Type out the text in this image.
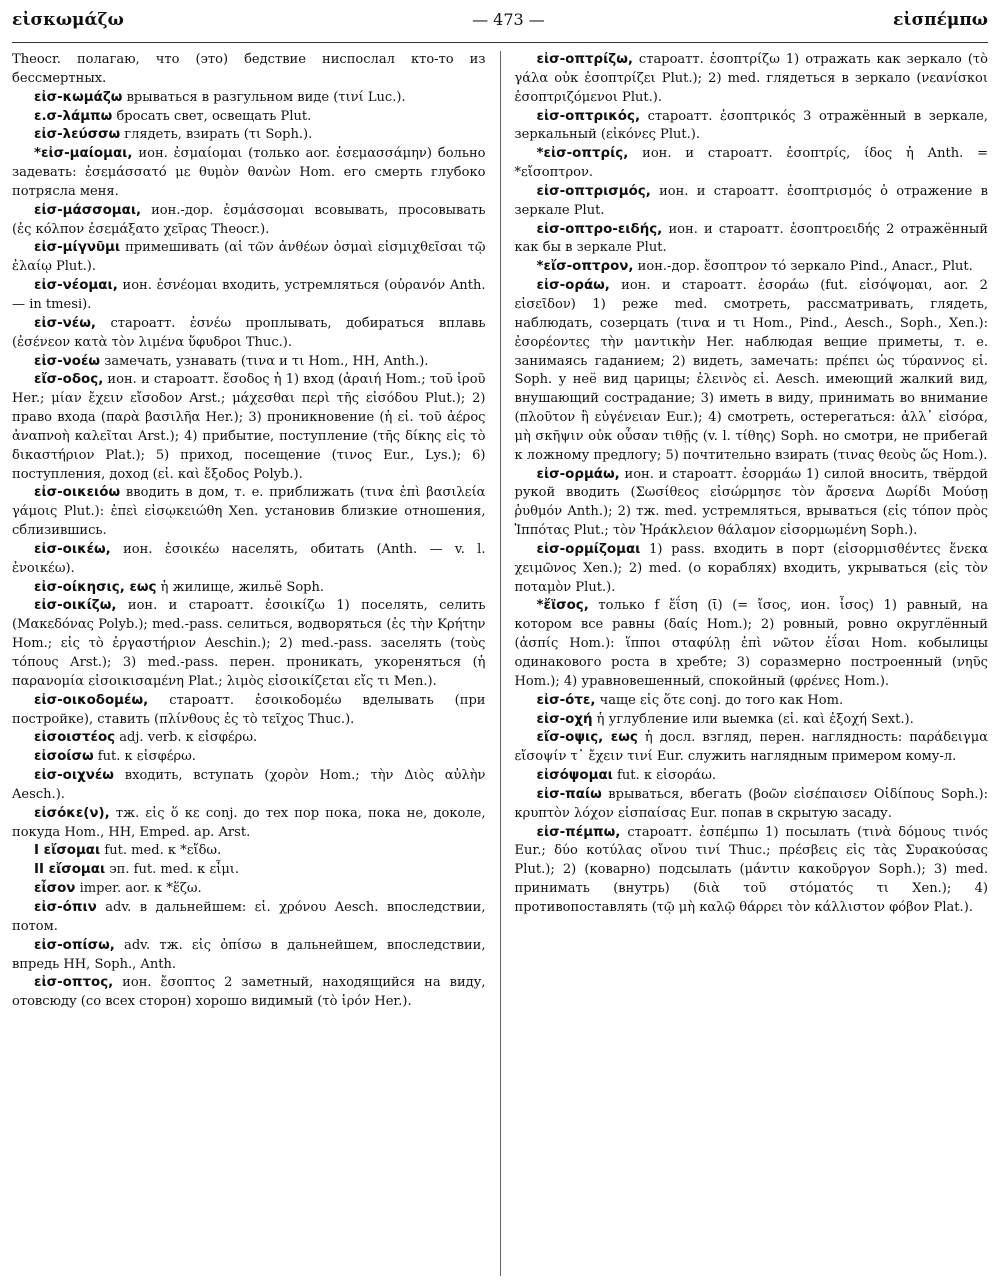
εἰσκωμάζω	— 473 —	εἰσπέμπω

Theocr. полагаю, что (это) бедствие ниспослал кто-то из бессмертных.

εἰσ-κωμάζω врываться в разгульном виде (τινί Luc.).

ε.σ-λάμπω бросать свет, освещать Plut.

εἰσ-λεύσσω глядеть, взирать (τι Soph.).

*εἰσ-μαίομαι, ион. ἐσμαίομαι (только aor. ἐσεμασσάμην) больно задевать: ἐσεμάσσατό με θυμὸν θανὼν Hom. его смерть глубоко потрясла меня.

εἰσ-μάσσομαι, ион.-дор. ἐσμάσσομαι всовывать, просовывать (ἐς κόλπον ἐσεμάξατο χεῖρας Theocr.).

εἰσ-μίγνῡμι примешивать (αἱ τῶν ἀνθέων ὀσμαὶ εἰσμιχθεῖσαι τῷ ἐλαίῳ Plut.).

εἰσ-νέομαι, ион. ἐσνέομαι входить, устремляться (οὐρανόν Anth. — in tmesi).

εἰσ-νέω, староатт. ἐσνέω проплывать, добираться вплавь (ἐσένεον κατὰ τὸν λιμένα ὕφυδροι Thuc.).

εἰσ-νοέω замечать, узнавать (τινα и τι Hom., HH, Anth.).

εἴσ-οδος, ион. и староатт. ἔσοδος ἡ 1) вход (ἀραιή Hom.; τοῦ ἱροῦ Her.; μίαν ἔχειν εἴσοδον Arst.; μάχεσθαι περὶ τῆς εἰσόδου Plut.); 2) право входа (παρὰ βασιλῆα Her.); 3) проникновение (ἡ εἰ. τοῦ ἀέρος ἀναπνοὴ καλεῖται Arst.); 4) прибытие, поступление (τῆς δίκης εἰς τὸ δικαστήριον Plat.); 5) приход, посещение (τινος Eur., Lys.); 6) поступления, доход (εἰ. καὶ ἔξοδος Polyb.).

εἰσ-οικειόω вводить в дом, т. е. приближать (τινα ἐπὶ βασιλεία γάμοις Plut.): ἐπεὶ εἰσῳκειώθη Xen. установив близкие отношения, сблизившись.

εἰσ-οικέω, ион. ἐσοικέω населять, обитать (Anth. — v. l. ἐνοικέω).

εἰσ-οίκησις, εως ἡ жилище, жильё Soph.

εἰσ-οικίζω, ион. и староатт. ἐσοικίζω 1) поселять, селить (Μακεδόνας Polyb.); med.-pass. селиться, водворяться (ἐς τὴν Κρήτην Hom.; εἰς τὸ ἐργαστήριον Aeschin.); 2) med.-pass. заселять (τοὺς τόπους Arst.); 3) med.-pass. перен. проникать, укореняться (ἡ παρανομία εἰσοικισαμένη Plat.; λιμὸς εἰσοικίζεται εἴς τι Men.).

εἰσ-οικοδομέω, староатт. ἐσοικοδομέω вделывать (при постройке), ставить (πλίνθους ἐς τὸ τεῖχος Thuc.).

εἰσοιστέος adj. verb. к εἰσφέρω.

εἰσοίσω fut. к εἰσφέρω.

εἰσ-οιχνέω входить, вступать (χορὸν Hom.; τὴν Διὸς αὐλὴν Aesch.).

εἰσόκε(ν), тж. εἰς ὅ κε conj. до тех пор пока, пока не, доколе, покуда Hom., HH, Emped. ap. Arst.

I εἴσομαι fut. med. к *εἴδω.

II εἴσομαι эп. fut. med. к εἶμι.

εἶσον imper. aor. к *ἕζω.

εἰσ-όπιν adv. в дальнейшем: εἰ. χρόνου Aesch. впоследствии, потом.

εἰσ-οπίσω, adv. тж. εἰς ὀπίσω в дальнейшем, впоследствии, впредь HH, Soph., Anth.

εἰσ-οπτος, ион. ἔσοπτος 2 заметный, находящийся на виду, отовсюду (со всех сторон) хорошо видимый (τὸ ἱρόν Her.).

εἰσ-οπτρίζω, староатт. ἐσοπτρίζω 1) отражать как зеркало (τὸ γάλα οὐκ ἐσοπτρίζει Plut.); 2) med. глядеться в зеркало (νεανίσκοι ἐσοπτριζόμενοι Plut.).

εἰσ-οπτρικός, староатт. ἐσοπτρικός 3 отражённый в зеркале, зеркальный (εἰκόνες Plut.).

*εἰσ-οπτρίς, ион. и староатт. ἐσοπτρίς, ίδος ἡ Anth. = *εἴσοπτρον.

εἰσ-οπτρισμός, ион. и староатт. ἐσοπτρισμός ὁ отражение в зеркале Plut.

εἰσ-οπτρο-ειδής, ион. и староатт. ἐσοπτροειδής 2 отражённый как бы в зеркале Plut.

*εἴσ-οπτρον, ион.-дор. ἔσοπτρον τό зеркало Pind., Anacr., Plut.

εἰσ-οράω, ион. и староатт. ἐσοράω (fut. εἰσόψομαι, aor. 2 εἰσεῖδον) 1) реже med. смотреть, рассматривать, глядеть, наблюдать, созерцать (τινα и τι Hom., Pind., Aesch., Soph., Xen.): ἐσορέοντες τὴν μαντικὴν Her. наблюдая вещие приметы, т. е. занимаясь гаданием; 2) видеть, замечать: πρέπει ὡς τύραννος εἰ. Soph. у неё вид царицы; ἐλεινὸς εἰ. Aesch. имеющий жалкий вид, внушающий сострадание; 3) иметь в виду, принимать во внимание (πλοῦτον ἢ εὐγένειαν Eur.); 4) смотреть, остерегаться: ἀλλ᾽ εἰσόρα, μὴ σκῆψιν οὐκ οὖσαν τιθῇς (v. l. τίθης) Soph. но смотри, не прибегай к ложному предлогу; 5) почтительно взирать (τινας θεοὺς ὥς Hom.).

εἰσ-ορμάω, ион. и староатт. ἐσορμάω 1) силой вносить, твёрдой рукой вводить (Σωσίθεος εἰσώρμησε τὸν ἄρσενα Δωρίδι Μούσῃ ῥυθμόν Anth.); 2) тж. med. устремляться, врываться (εἰς τόπον πρὸς Ἱππότας Plut.; τὸν Ἡράκλειον θάλαμον εἰσορμωμένη Soph.).

εἰσ-ορμίζομαι 1) pass. входить в порт (εἰσορμισθέντες ἕνεκα χειμῶνος Xen.); 2) med. (о кораблях) входить, укрываться (εἰς τὸν ποταμὸν Plut.).

*ἔϊσος, только f ἔΐση (ῑ) (= ἴσος, ион. ἶσος) 1) равный, на котором все равны (δαίς Hom.); 2) ровный, ровно округлённый (ἀσπίς Hom.): ἵπποι σταφύλῃ ἐπὶ νῶτον ἐΐσαι Hom. кобылицы одинакового роста в хребте; 3) соразмерно построенный (νηῦς Hom.); 4) уравновешенный, спокойный (φρένες Hom.).

εἰσ-ότε, чаще εἰς ὅτε conj. до того как Hom.

εἰσ-οχή ἡ углубление или выемка (εἰ. καὶ ἐξοχή Sext.).

εἴσ-οψις, εως ἡ досл. взгляд, перен. наглядность: παράδειγμα εἴσοψίν τ᾽ ἔχειν τινί Eur. служить наглядным примером кому-л.

εἰσόψομαι fut. к εἰσοράω.

εἰσ-παίω врываться, вбегать (βοῶν εἰσέπαισεν Οἰδίπους Soph.): κρυπτὸν λόχον εἰσπαίσας Eur. попав в скрытую засаду.

εἰσ-πέμπω, староатт. ἐσπέμπω 1) посылать (τινὰ δόμους τινός Eur.; δύο κοτύλας οἴνου τινί Thuc.; πρέσβεις εἰς τὰς Συρακούσας Plut.); 2) (коварно) подсылать (μάντιν κακοῦργον Soph.); 3) med. принимать (внутрь) (διὰ τοῦ στόματός τι Xen.); 4) противопоставлять (τῷ μὴ καλῷ θάρρει τὸν κάλλιστον φόβον Plat.).
